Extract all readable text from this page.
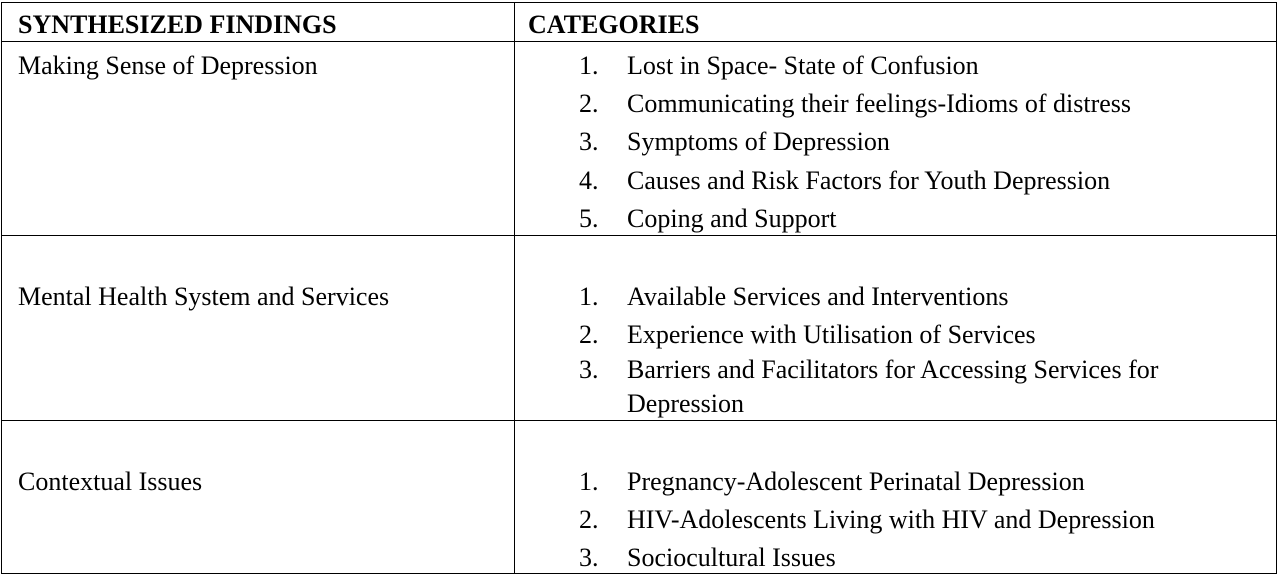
SYNTHESIZED FINDINGS	CATEGORIES
Making Sense of Depression	1. Lost in Space- State of Confusion
2. Communicating their feelings-Idioms of distress
3. Symptoms of Depression
4. Causes and Risk Factors for Youth Depression
5. Coping and Support
Mental Health System and Services	1. Available Services and Interventions
2. Experience with Utilisation of Services
3. Barriers and Facilitators for Accessing Services for
Depression
Contextual Issues	1. Pregnancy-Adolescent Perinatal Depression
2. HIV-Adolescents Living with HIV and Depression
3. Sociocultural Issues
